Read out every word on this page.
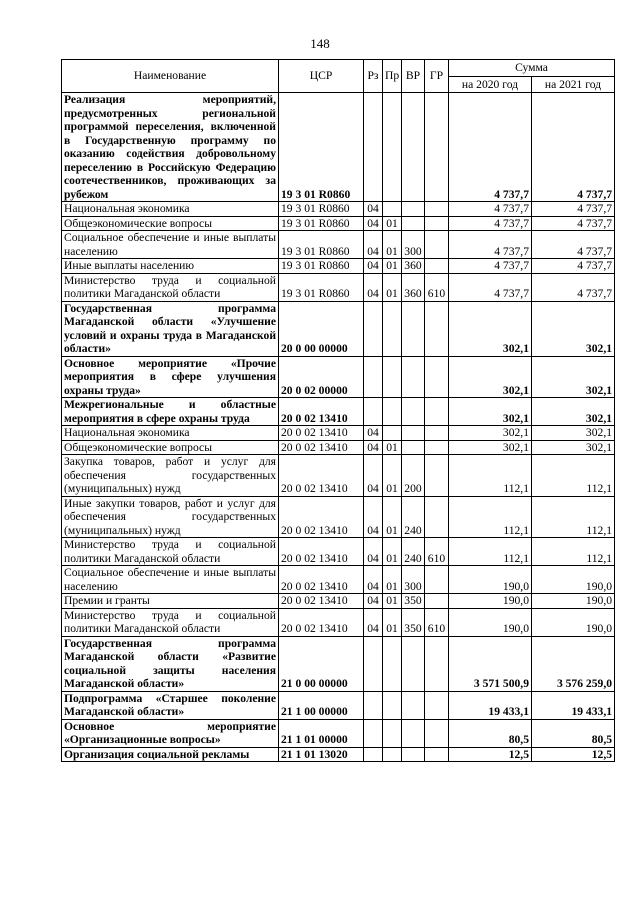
148
Наименование	ЦСР	Рз	Пр	ВР	ГР	Сумма	
						на 2020 год	на 2021 год
Реализация мероприятий, предусмотренных региональной программой переселения, включенной в Государственную программу по оказанию содействия добровольному переселению в Российскую Федерацию соотечественников, проживающих за рубежом	19 3 01 R0860					4 737,7	4 737,7
Национальная экономика	19 3 01 R0860	04				4 737,7	4 737,7
Общеэкономические вопросы	19 3 01 R0860	04	01			4 737,7	4 737,7
Социальное обеспечение и иные выплаты населению	19 3 01 R0860	04	01	300		4 737,7	4 737,7
Иные выплаты населению	19 3 01 R0860	04	01	360		4 737,7	4 737,7
Министерство труда и социальной политики Магаданской области	19 3 01 R0860	04	01	360	610	4 737,7	4 737,7
Государственная программа Магаданской области «Улучшение условий и охраны труда в Магаданской области»	20 0 00 00000					302,1	302,1
Основное мероприятие «Прочие мероприятия в сфере улучшения охраны труда»	20 0 02 00000					302,1	302,1
Межрегиональные и областные мероприятия в сфере охраны труда	20 0 02 13410					302,1	302,1
Национальная экономика	20 0 02 13410	04				302,1	302,1
Общеэкономические вопросы	20 0 02 13410	04	01			302,1	302,1
Закупка товаров, работ и услуг для обеспечения государственных (муниципальных) нужд	20 0 02 13410	04	01	200		112,1	112,1
Иные закупки товаров, работ и услуг для обеспечения государственных (муниципальных) нужд	20 0 02 13410	04	01	240		112,1	112,1
Министерство труда и социальной политики Магаданской области	20 0 02 13410	04	01	240	610	112,1	112,1
Социальное обеспечение и иные выплаты населению	20 0 02 13410	04	01	300		190,0	190,0
Премии и гранты	20 0 02 13410	04	01	350		190,0	190,0
Министерство труда и социальной политики Магаданской области	20 0 02 13410	04	01	350	610	190,0	190,0
Государственная программа Магаданской области «Развитие социальной защиты населения Магаданской области»	21 0 00 00000					3 571 500,9	3 576 259,0
Подпрограмма «Старшее поколение Магаданской области»	21 1 00 00000					19 433,1	19 433,1
Основное мероприятие «Организационные вопросы»	21 1 01 00000					80,5	80,5
Организация социальной рекламы	21 1 01 13020					12,5	12,5
